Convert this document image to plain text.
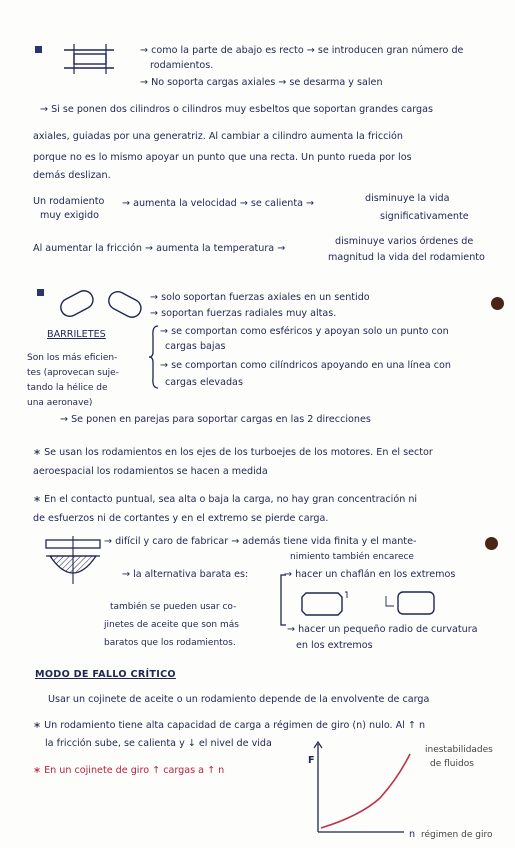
→ como la parte de abajo es recto → se introducen gran número de
rodamientos.
→ No soporta cargas axiales → se desarma y salen
→ Si se ponen dos cilindros o cilindros muy esbeltos que soportan grandes cargas
axiales, guiadas por una generatriz. Al cambiar a cilindro aumenta la fricción
porque no es lo mismo apoyar un punto que una recta. Un punto rueda por los
demás deslizan.
Un rodamiento
muy exigido
→ aumenta la velocidad → se calienta →	disminuye la vida
significativamente
Al aumentar la fricción → aumenta la temperatura →
disminuye varios órdenes de
magnitud la vida del rodamiento
BARRILETES
Son los más eficien-
tes (aprovecan suje-
tando la hélice de
una aeronave)
→ solo soportan fuerzas axiales en un sentido
→ soportan fuerzas radiales muy altas.
→ se comportan como esféricos y apoyan solo un punto con
cargas bajas
→ se comportan como cilíndricos apoyando en una línea con
cargas elevadas
→ Se ponen en parejas para soportar cargas en las 2 direcciones
∗ Se usan los rodamientos en los ejes de los turboejes de los motores. En el sector
aeroespacial los rodamientos se hacen a medida
∗ En el contacto puntual, sea alta o baja la carga, no hay gran concentración ni
de esfuerzos ni de cortantes y en el extremo se pierde carga.
→ difícil y caro de fabricar → además tiene vida finita y el mante-
nimiento también encarece
→ la alternativa barata es:	→ hacer un chaflán en los extremos
→ hacer un pequeño radio de curvatura
en los extremos
también se pueden usar co-
jinetes de aceite que son más
baratos que los rodamientos.
MODO DE FALLO CRÍTICO
Usar un cojinete de aceite o un rodamiento depende de la envolvente de carga
∗ Un rodamiento tiene alta capacidad de carga a régimen de giro (n) nulo. Al ↑ n
la fricción sube, se calienta y ↓ el nivel de vida
∗ En un cojinete de giro ↑ cargas a ↑ n
F
n régimen de giro
inestabilidades
de fluidos
